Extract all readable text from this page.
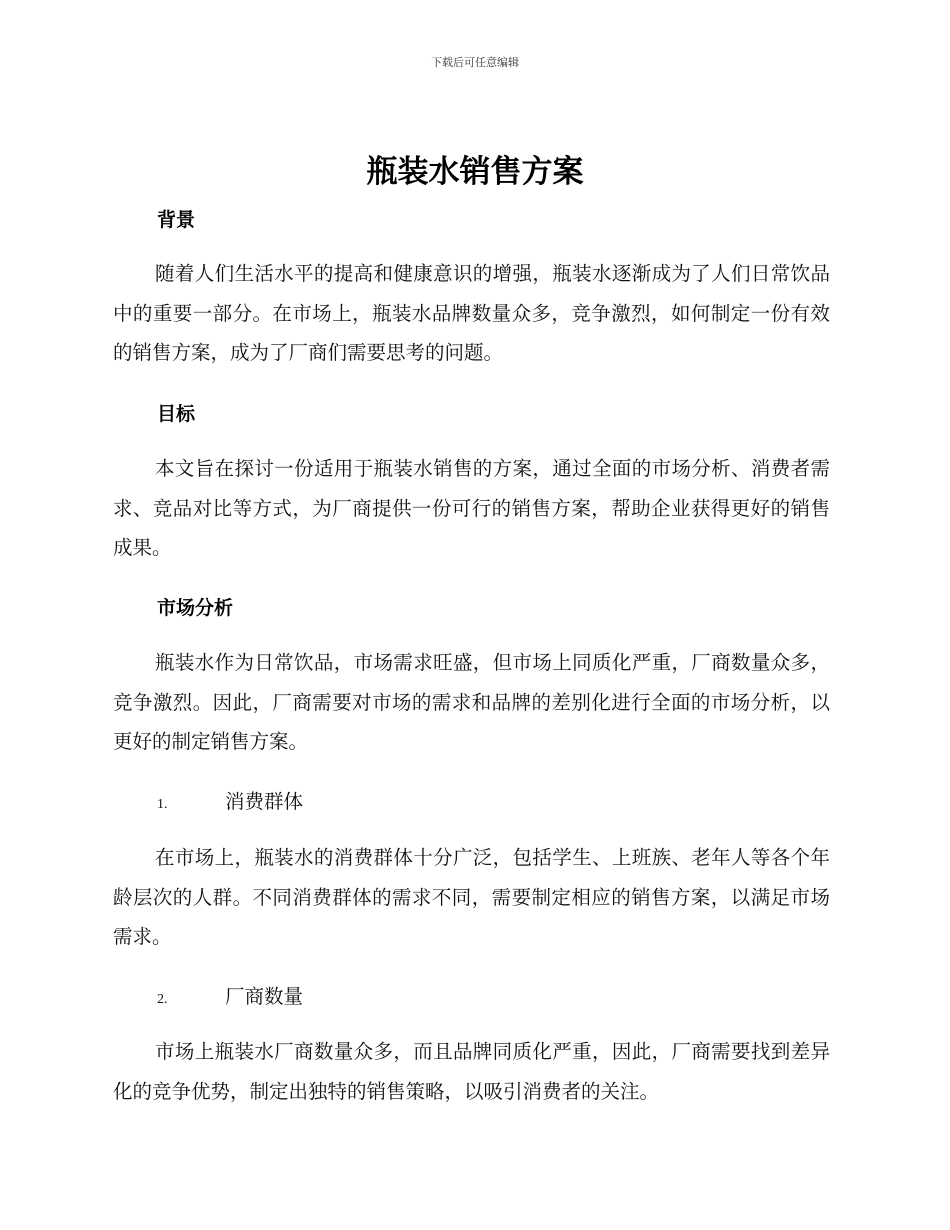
下载后可任意编辑
瓶装水销售方案
背景

随着人们生活水平的提高和健康意识的增强，瓶装水逐渐成为了人们日常饮品中的重要一部分。在市场上，瓶装水品牌数量众多，竞争激烈，如何制定一份有效的销售方案，成为了厂商们需要思考的问题。

目标

本文旨在探讨一份适用于瓶装水销售的方案，通过全面的市场分析、消费者需求、竞品对比等方式，为厂商提供一份可行的销售方案，帮助企业获得更好的销售成果。

市场分析

瓶装水作为日常饮品，市场需求旺盛，但市场上同质化严重，厂商数量众多，竞争激烈。因此，厂商需要对市场的需求和品牌的差别化进行全面的市场分析，以更好的制定销售方案。

1.	消费群体

在市场上，瓶装水的消费群体十分广泛，包括学生、上班族、老年人等各个年龄层次的人群。不同消费群体的需求不同，需要制定相应的销售方案，以满足市场需求。

2.	厂商数量

市场上瓶装水厂商数量众多，而且品牌同质化严重，因此，厂商需要找到差异化的竞争优势，制定出独特的销售策略，以吸引消费者的关注。
